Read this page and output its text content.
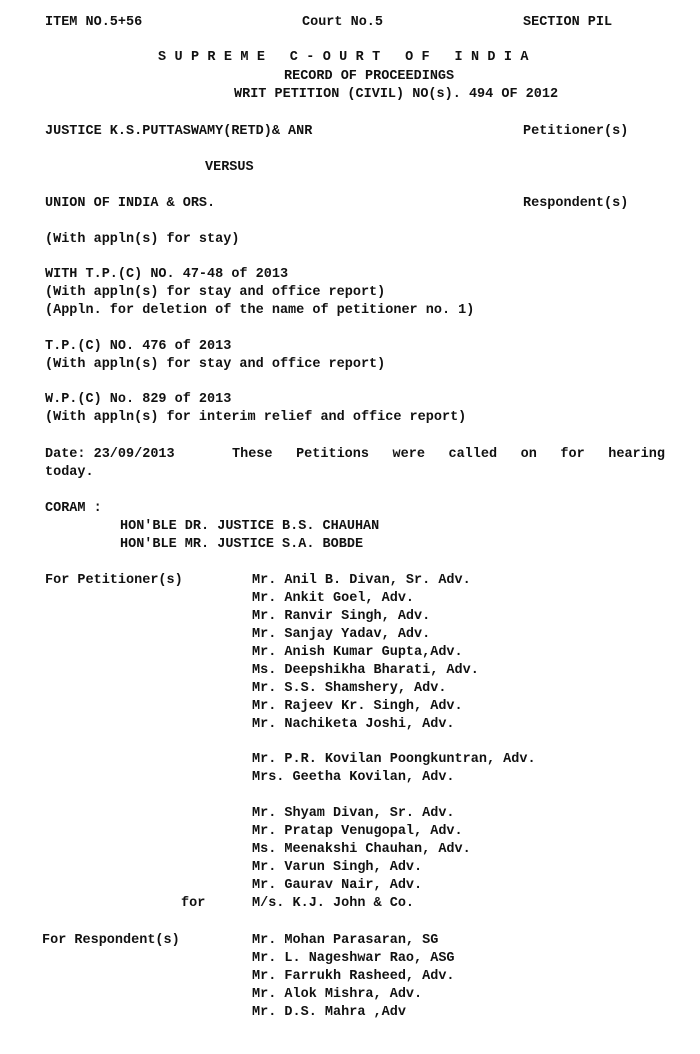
ITEM NO.5+56	Court No.5	SECTION PIL
SUPREME C-OURT OF INDIA
RECORD OF PROCEEDINGS
WRIT PETITION (CIVIL) NO(s). 494 OF 2012
JUSTICE K.S.PUTTASWAMY(RETD)& ANR	Petitioner(s)
VERSUS
UNION OF INDIA & ORS.	Respondent(s)
(With appln(s) for stay)
WITH T.P.(C) NO. 47-48 of 2013
(With appln(s) for stay and office report)
(Appln. for deletion of the name of petitioner no. 1)
T.P.(C) NO. 476 of 2013
(With appln(s) for stay and office report)
W.P.(C) No. 829 of 2013
(With appln(s) for interim relief and office report)
Date: 23/09/2013	These Petitions were called on for hearing
today.
CORAM :
HON'BLE DR. JUSTICE B.S. CHAUHAN
HON'BLE MR. JUSTICE S.A. BOBDE
For Petitioner(s)	Mr. Anil B. Divan, Sr. Adv.
Mr. Ankit Goel, Adv.
Mr. Ranvir Singh, Adv.
Mr. Sanjay Yadav, Adv.
Mr. Anish Kumar Gupta,Adv.
Ms. Deepshikha Bharati, Adv.
Mr. S.S. Shamshery, Adv.
Mr. Rajeev Kr. Singh, Adv.
Mr. Nachiketa Joshi, Adv.
Mr. P.R. Kovilan Poongkuntran, Adv.
Mrs. Geetha Kovilan, Adv.
Mr. Shyam Divan, Sr. Adv.
Mr. Pratap Venugopal, Adv.
Ms. Meenakshi Chauhan, Adv.
Mr. Varun Singh, Adv.
Mr. Gaurav Nair, Adv.
for	M/s. K.J. John & Co.
For Respondent(s)	Mr. Mohan Parasaran, SG
Mr. L. Nageshwar Rao, ASG
Mr. Farrukh Rasheed, Adv.
Mr. Alok Mishra, Adv.
Mr. D.S. Mahra ,Adv
